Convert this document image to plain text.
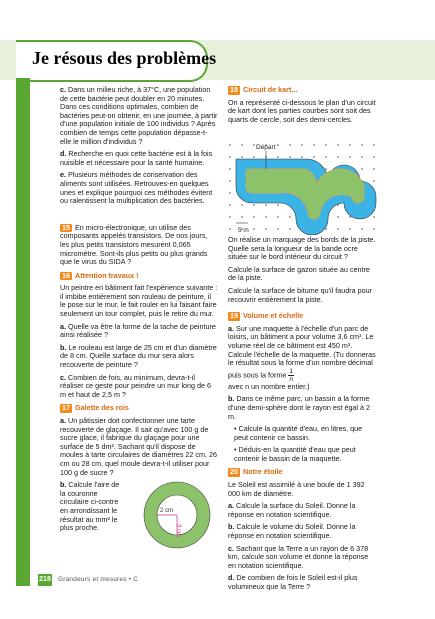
Je résous des problèmes

c. Dans un milieu riche, à 37°C, une population de cette bactérie peut doubler en 20 minutes. Dans ces conditions optimales, combien de bactéries peut-on obtenir, en une journée, à partir d'une population initiale de 100 individus ? Après combien de temps cette population dépasse-t-elle le million d'individus ?

d. Recherche en quoi cette bactérie est à la fois nuisible et nécessaire pour la santé humaine.

e. Plusieurs méthodes de conservation des aliments sont utilisées. Retrouves-en quelques unes et explique pourquoi ces méthodes évitent ou ralentissent la multiplication des bactéries.

15 En micro-électronique, un utilise des composants appelés transistors. De nos jours, les plus petits transistors mesurent 0,065 micromètre. Sont-ils plus petits ou plus grands que le virus du SIDA ?

16 Attention travaux !

Un peintre en bâtiment fait l'expérience suivante : il imbibe entièrement son rouleau de peinture, il le pose sur le mur, le fait rouler en lui faisant faire seulement un tour complet, puis le retire du mur.

a. Quelle va être la forme de la tache de peinture ainsi réalisée ?

b. Le rouleau est large de 25 cm et d'un diamètre de 8 cm. Quelle surface du mur sera alors recouverte de peinture ?

c. Combien de fois, au minimum, devra-t-il réaliser ce geste pour peindre un mur long de 6 m et haut de 2,5 m ?

17 Galette des rois

a. Un pâtissier doit confectionner une tarte recouverte de glaçage. Il sait qu'avec 100 g de sucre glace, il fabrique du glaçage pour une surface de 5 dm². Sachant qu'il dispose de moules à tarte circulaires de diamètres 22 cm, 26 cm ou 28 cm, quel moule devra-t-il utiliser pour 100 g de sucre ?

b. Calcule l'aire de la couronne circulaire ci-contre en arrondissant le résultat au mm² le plus proche.

2 cm
3 cm

18 Circuit de kart...

On a représenté ci-dessous le plan d'un circuit de kart dont les parties courbes sont soit des quarts de cercle, soit des demi-cercles.

Départ
5 m

On réalise un marquage des bords de la piste. Quelle sera la longueur de la bande ocre située sur le bord intérieur du circuit ?

Calcule la surface de gazon située au centre de la piste.

Calcule la surface de bitume qu'il faudra pour recouvrir entièrement la piste.

19 Volume et échelle

a. Sur une maquette à l'échelle d'un parc de loisirs, un bâtiment a pour volume 3,6 cm³. Le volume réel de ce bâtiment est 450 m³. Calcule l'échelle de la maquette. (Tu donneras le résultat sous la forme d'un nombre décimal puis sous la forme $\frac{1}{n}$

avec n un nombre entier.)

b. Dans ce même parc, un bassin a la forme d'une demi-sphère dont le rayon est égal à 2 m.

• Calcule la quantité d'eau, en litres, que peut contenir ce bassin.

• Déduis-en la quantité d'eau que peut contenir le bassin de la maquette.

20 Notre étoile

Le Soleil est assimilé à une boule de 1 392 000 km de diamètre.

a. Calcule la surface du Soleil. Donne la réponse en notation scientifique.

b. Calcule le volume du Soleil. Donne la réponse en notation scientifique.

c. Sachant que la Terre a un rayon de 6 378 km, calcule son volume et donne la réponse en notation scientifique.

d. De combien de fois le Soleil est-il plus volumineux que la Terre ?

218 Grandeurs et mesures • C
